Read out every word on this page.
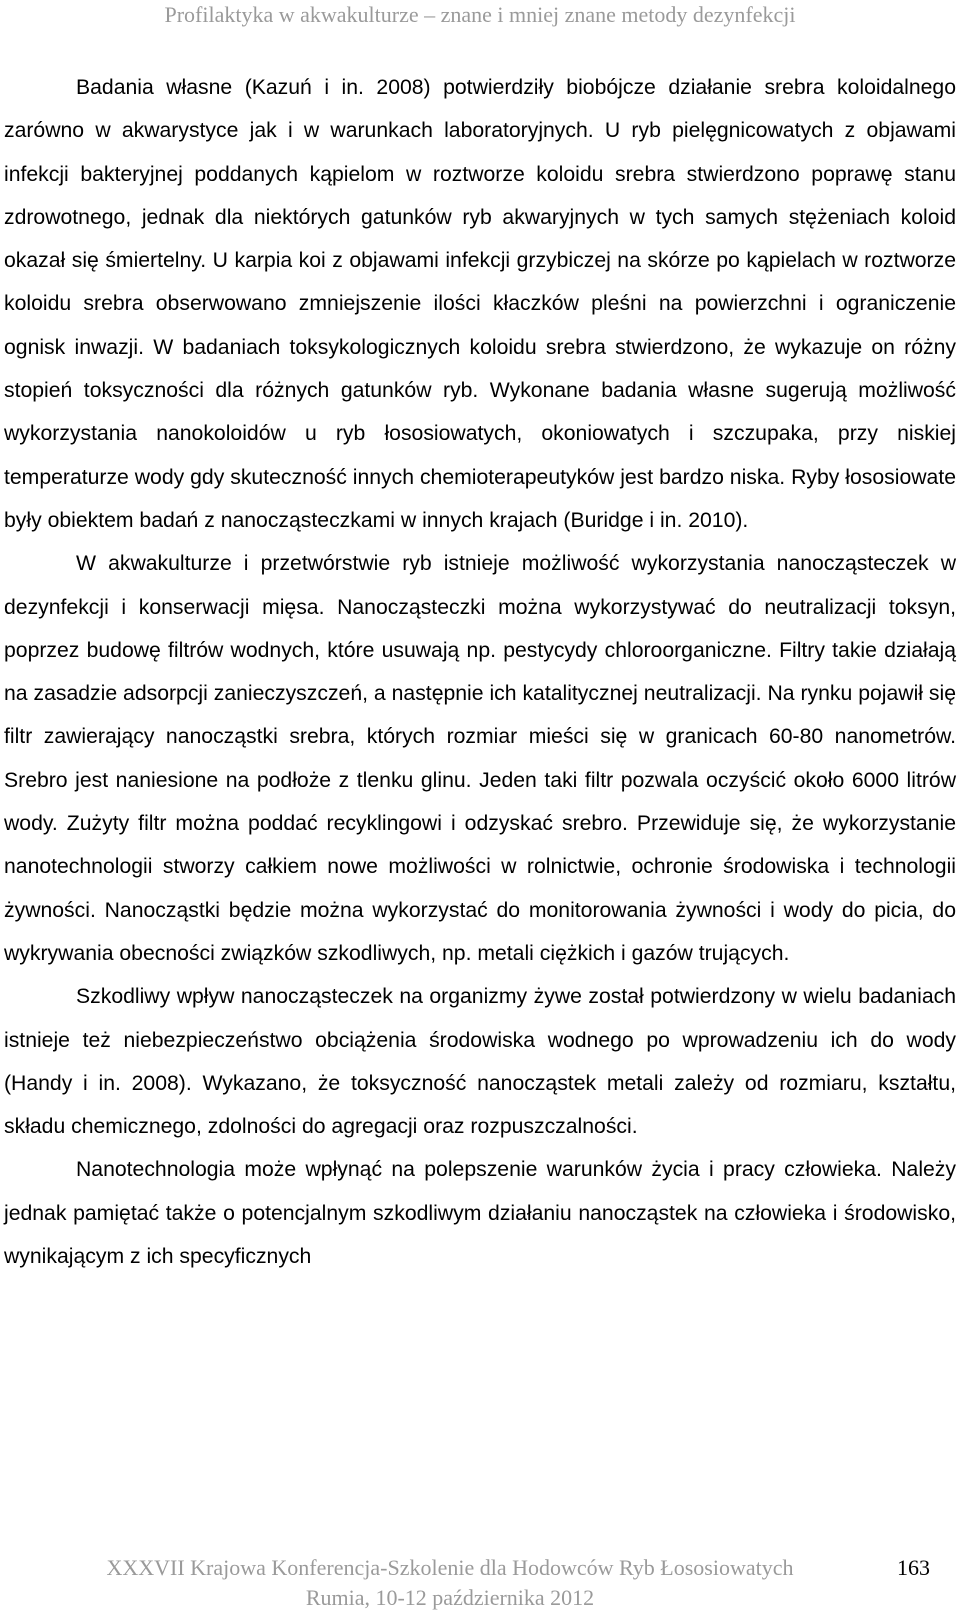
Profilaktyka w akwakulturze – znane i mniej znane metody dezynfekcji

Badania własne (Kazuń i in. 2008) potwierdziły biobójcze działanie srebra koloidalnego zarówno w akwarystyce jak i w warunkach laboratoryjnych. U ryb pielęgnicowatych z objawami infekcji bakteryjnej poddanych kąpielom w roztworze koloidu srebra stwierdzono poprawę stanu zdrowotnego, jednak dla niektórych gatunków ryb akwaryjnych w tych samych stężeniach koloid okazał się śmiertelny. U karpia koi z objawami infekcji grzybiczej na skórze po kąpielach w roztworze koloidu srebra obserwowano zmniejszenie ilości kłaczków pleśni na powierzchni i ograniczenie ognisk inwazji. W badaniach toksykologicznych koloidu srebra stwierdzono, że wykazuje on różny stopień toksyczności dla różnych gatunków ryb. Wykonane badania własne sugerują możliwość wykorzystania nanokoloidów u ryb łososiowatych, okoniowatych i szczupaka, przy niskiej temperaturze wody gdy skuteczność innych chemioterapeutyków jest bardzo niska. Ryby łososiowate były obiektem badań z nanocząsteczkami w innych krajach (Buridge i in. 2010).

W akwakulturze i przetwórstwie ryb istnieje możliwość wykorzystania nanocząsteczek w dezynfekcji i konserwacji mięsa. Nanocząsteczki można wykorzystywać do neutralizacji toksyn, poprzez budowę filtrów wodnych, które usuwają np. pestycydy chloroorganiczne. Filtry takie działają na zasadzie adsorpcji zanieczyszczeń, a następnie ich katalitycznej neutralizacji. Na rynku pojawił się filtr zawierający nanocząstki srebra, których rozmiar mieści się w granicach 60-80 nanometrów. Srebro jest naniesione na podłoże z tlenku glinu. Jeden taki filtr pozwala oczyścić około 6000 litrów wody. Zużyty filtr można poddać recyklingowi i odzyskać srebro. Przewiduje się, że wykorzystanie nanotechnologii stworzy całkiem nowe możliwości w rolnictwie, ochronie środowiska i technologii żywności. Nanocząstki będzie można wykorzystać do monitorowania żywności i wody do picia, do wykrywania obecności związków szkodliwych, np. metali ciężkich i gazów trujących.

Szkodliwy wpływ nanocząsteczek na organizmy żywe został potwierdzony w wielu badaniach istnieje też niebezpieczeństwo obciążenia środowiska wodnego po wprowadzeniu ich do wody (Handy i in. 2008). Wykazano, że toksyczność nanocząstek metali zależy od rozmiaru, kształtu, składu chemicznego, zdolności do agregacji oraz rozpuszczalności.

Nanotechnologia może wpłynąć na polepszenie warunków życia i pracy człowieka. Należy jednak pamiętać także o potencjalnym szkodliwym działaniu nanocząstek na człowieka i środowisko, wynikającym z ich specyficznych

XXXVII Krajowa Konferencja-Szkolenie dla Hodowców Ryb Łososiowatych
Rumia, 10-12 października 2012
163
